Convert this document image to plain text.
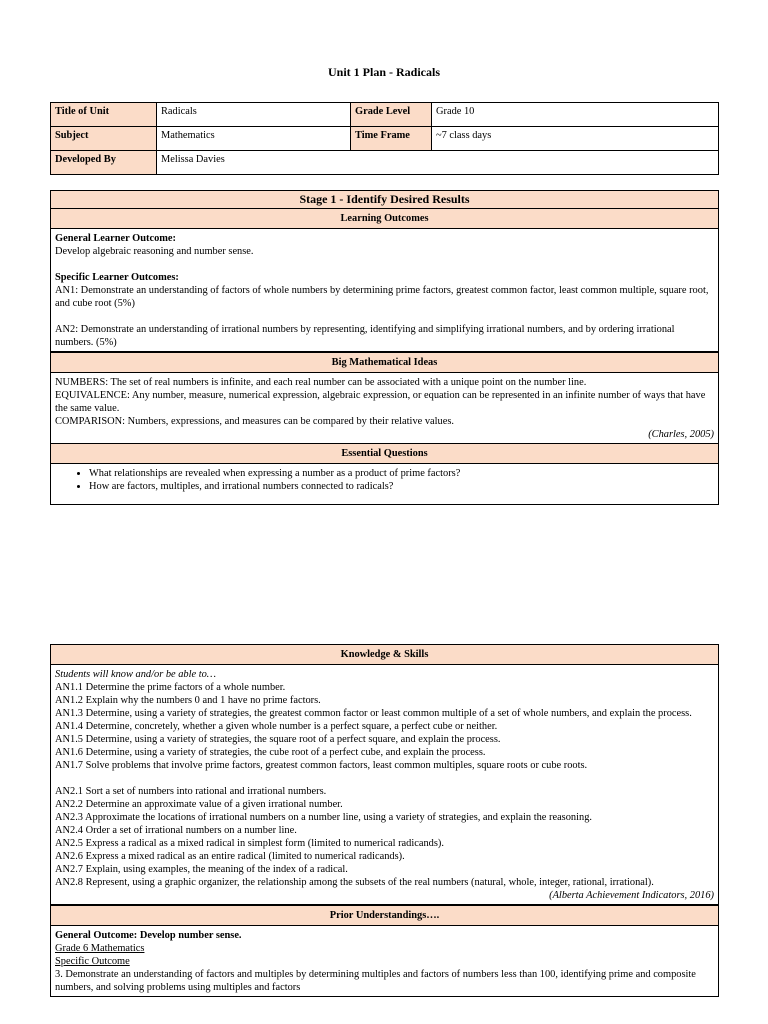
Unit 1 Plan - Radicals
Title of Unit	Radicals	Grade Level	Grade 10
Subject	Mathematics	Time Frame	~7 class days
Developed By	Melissa Davies		
Stage 1 - Identify Desired Results
Learning Outcomes
General Learner Outcome:
Develop algebraic reasoning and number sense.
Specific Learner Outcomes:
AN1: Demonstrate an understanding of factors of whole numbers by determining prime factors, greatest common factor, least common multiple, square root, and cube root (5%)
AN2: Demonstrate an understanding of irrational numbers by representing, identifying and simplifying irrational numbers, and by ordering irrational numbers. (5%)
Big Mathematical Ideas
NUMBERS: The set of real numbers is infinite, and each real number can be associated with a unique point on the number line.
EQUIVALENCE: Any number, measure, numerical expression, algebraic expression, or equation can be represented in an infinite number of ways that have the same value.
COMPARISON: Numbers, expressions, and measures can be compared by their relative values.
(Charles, 2005)
Essential Questions
• What relationships are revealed when expressing a number as a product of prime factors?
• How are factors, multiples, and irrational numbers connected to radicals?
Knowledge & Skills
Students will know and/or be able to…
AN1.1 Determine the prime factors of a whole number.
AN1.2 Explain why the numbers 0 and 1 have no prime factors.
AN1.3 Determine, using a variety of strategies, the greatest common factor or least common multiple of a set of whole numbers, and explain the process.
AN1.4 Determine, concretely, whether a given whole number is a perfect square, a perfect cube or neither.
AN1.5 Determine, using a variety of strategies, the square root of a perfect square, and explain the process.
AN1.6 Determine, using a variety of strategies, the cube root of a perfect cube, and explain the process.
AN1.7 Solve problems that involve prime factors, greatest common factors, least common multiples, square roots or cube roots.
AN2.1 Sort a set of numbers into rational and irrational numbers.
AN2.2 Determine an approximate value of a given irrational number.
AN2.3 Approximate the locations of irrational numbers on a number line, using a variety of strategies, and explain the reasoning.
AN2.4 Order a set of irrational numbers on a number line.
AN2.5 Express a radical as a mixed radical in simplest form (limited to numerical radicands).
AN2.6 Express a mixed radical as an entire radical (limited to numerical radicands).
AN2.7 Explain, using examples, the meaning of the index of a radical.
AN2.8 Represent, using a graphic organizer, the relationship among the subsets of the real numbers (natural, whole, integer, rational, irrational).
(Alberta Achievement Indicators, 2016)
Prior Understandings….
General Outcome: Develop number sense.
Grade 6 Mathematics
Specific Outcome
3. Demonstrate an understanding of factors and multiples by determining multiples and factors of numbers less than 100, identifying prime and composite numbers, and solving problems using multiples and factors
